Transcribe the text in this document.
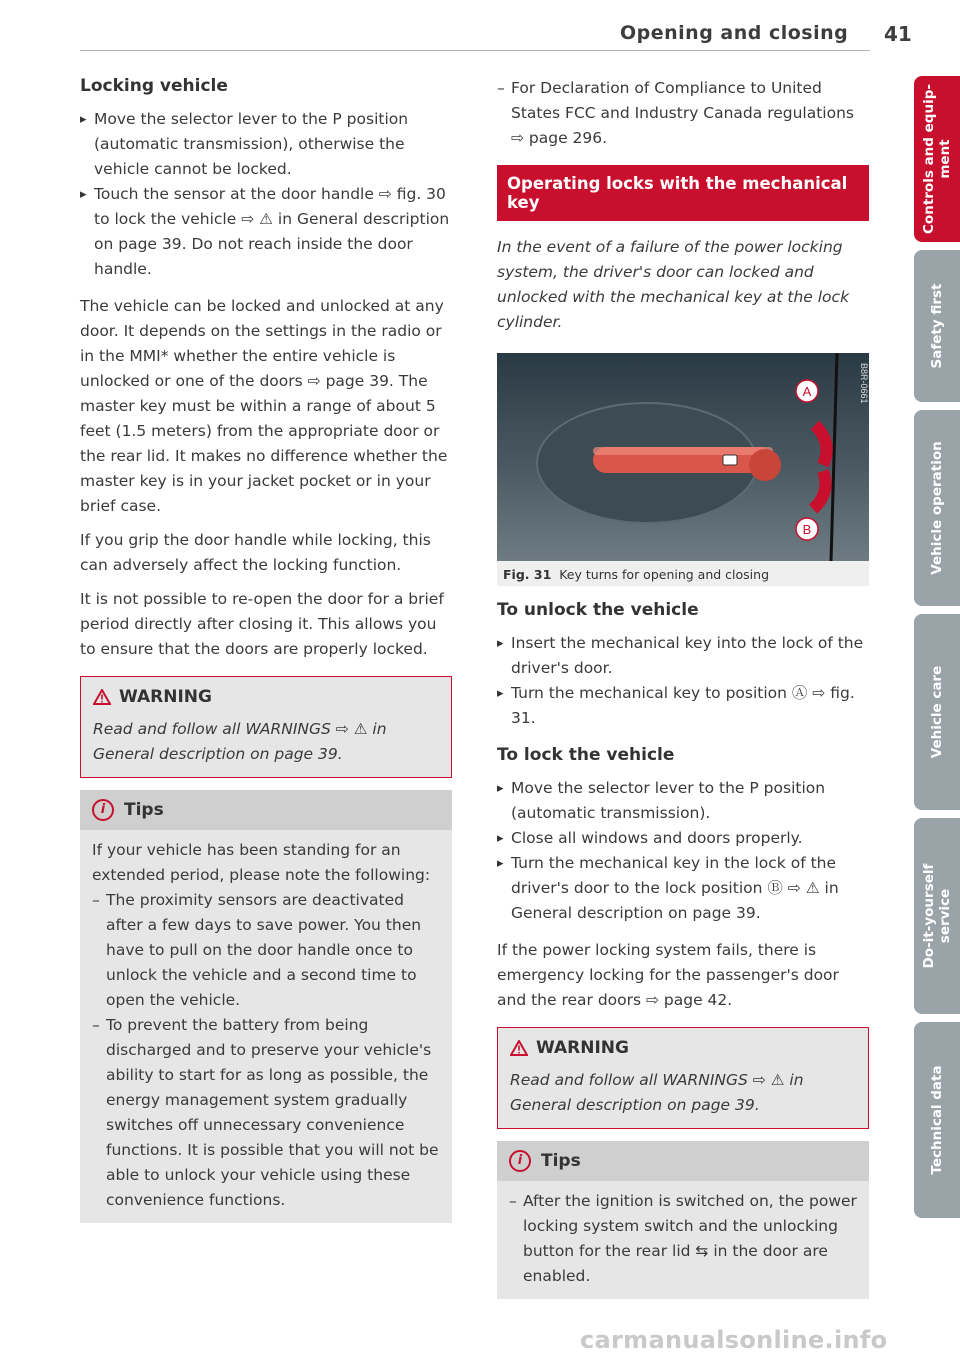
Opening and closing 41
Locking vehicle
▸ Move the selector lever to the P position (automatic transmission), otherwise the vehicle cannot be locked.
▸ Touch the sensor at the door handle ⇨ fig. 30 to lock the vehicle ⇨ ⚠ in General description on page 39. Do not reach inside the door handle.

The vehicle can be locked and unlocked at any door. It depends on the settings in the radio or in the MMI* whether the entire vehicle is unlocked or one of the doors ⇨ page 39. The master key must be within a range of about 5 feet (1.5 meters) from the appropriate door or the rear lid. It makes no difference whether the master key is in your jacket pocket or in your brief case.

If you grip the door handle while locking, this can adversely affect the locking function.

It is not possible to re-open the door for a brief period directly after closing it. This allows you to ensure that the doors are properly locked.

WARNING
Read and follow all WARNINGS ⇨ ⚠ in General description on page 39.
i	Tips
If your vehicle has been standing for an extended period, please note the following:
– The proximity sensors are deactivated after a few days to save power. You then have to pull on the door handle once to unlock the vehicle and a second time to open the vehicle.
– To prevent the battery from being discharged and to preserve your vehicle's ability to start for as long as possible, the energy management system gradually switches off unnecessary convenience functions. It is possible that you will not be able to unlock your vehicle using these convenience functions.
– For Declaration of Compliance to United States FCC and Industry Canada regulations ⇨ page 296.
Operating locks with the mechanical key

In the event of a failure of the power locking system, the driver's door can locked and unlocked with the mechanical key at the lock cylinder.

A
B
B8R-0661
Fig. 31 Key turns for opening and closing
To unlock the vehicle
▸ Insert the mechanical key into the lock of the driver's door.
▸ Turn the mechanical key to position Ⓐ ⇨ fig. 31.
To lock the vehicle
▸ Move the selector lever to the P position (automatic transmission).
▸ Close all windows and doors properly.
▸ Turn the mechanical key in the lock of the driver's door to the lock position Ⓑ ⇨ ⚠ in General description on page 39.

If the power locking system fails, there is emergency locking for the passenger's door and the rear doors ⇨ page 42.

WARNING
Read and follow all WARNINGS ⇨ ⚠ in General description on page 39.
i	Tips
– After the ignition is switched on, the power locking system switch and the unlocking button for the rear lid ⇆ in the door are enabled.
Controls and equip-
ment
Safety first
Vehicle operation
Vehicle care
Do-it-yourself
service
Technical data
carmanualsonline.info
